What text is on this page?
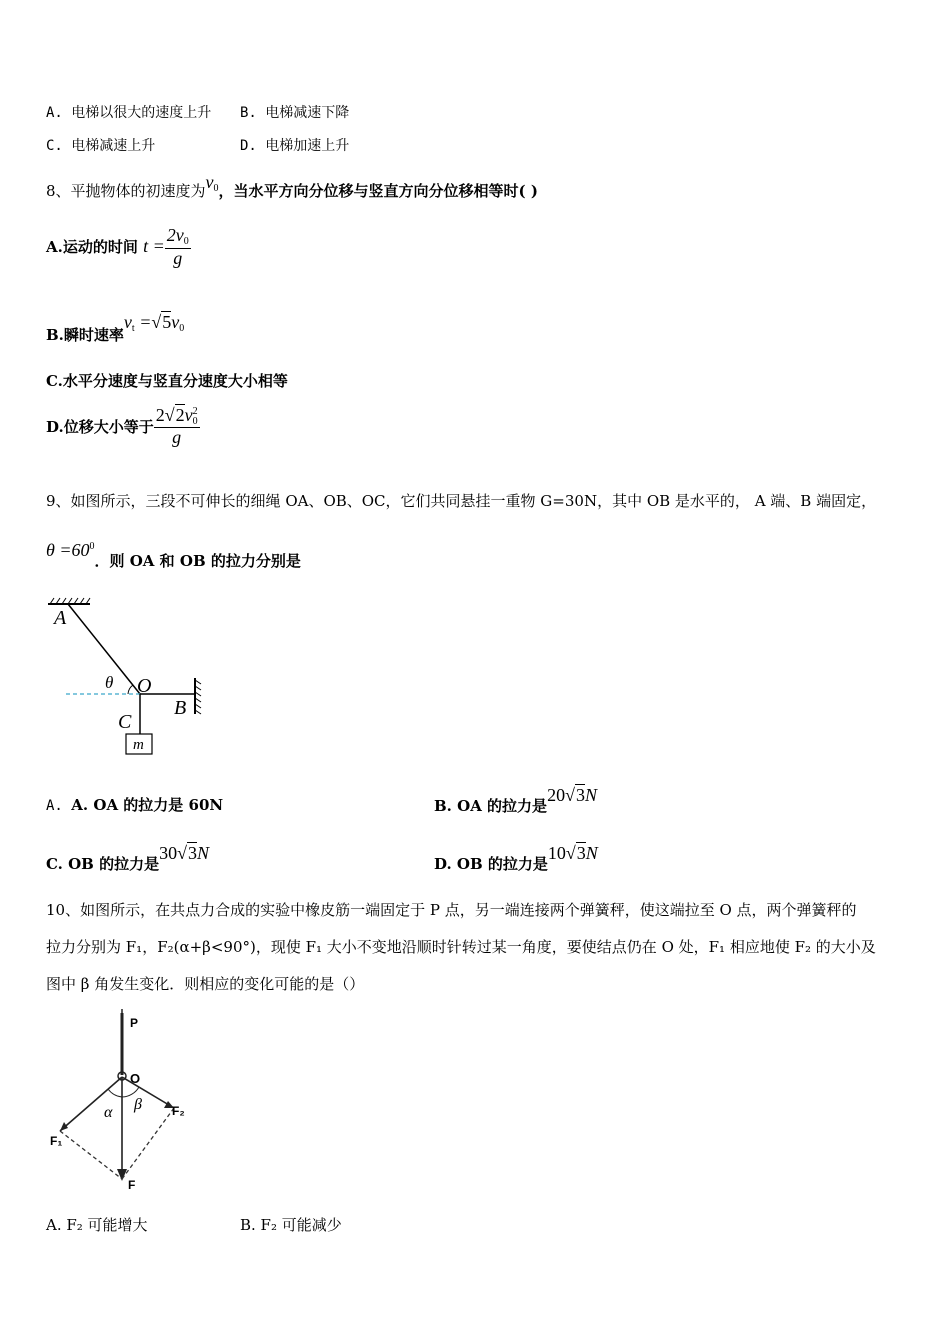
A. 电梯以很大的速度上升 B. 电梯减速下降
C. 电梯减速上升	D. 电梯加速上升
8、平抛物体的初速度为$v_0$，当水平方向分位移与竖直方向分位移相等时( )
A.运动的时间 $t = \frac{2v_0}{g}$
B.瞬时速率$v_t =√5v_0$
C.水平分速度与竖直分速度大小相等
D.位移大小等于 2√2v 2
0
g
9、如图所示，三段不可伸长的细绳 OA、OB、OC，它们共同悬挂一重物 G=30N，其中 OB 是水平的， A 端、B 端固定，
$\theta =60^0$．则 OA 和 OB 的拉力分别是
A
O
B
C
m
θ
A. A. OA 的拉力是 60N	B. OA 的拉力是20√3N
C. OB 的拉力是30√3N
D. OB 的拉力是10√3N
10、如图所示，在共点力合成的实验中橡皮筋一端固定于 P 点，另一端连接两个弹簧秤，使这端拉至 O 点，两个弹簧秤的
拉力分别为 F₁，F₂(α+β<90°)，现使 F₁ 大小不变地沿顺时针转过某一角度，要使结点仍在 O 处，F₁ 相应地使 F₂ 的大小及
图中 β 角发生变化．则相应的变化可能的是（）
P
O
F₁
F₂
F
α β
A. F₂ 可能增大	B. F₂ 可能减少
